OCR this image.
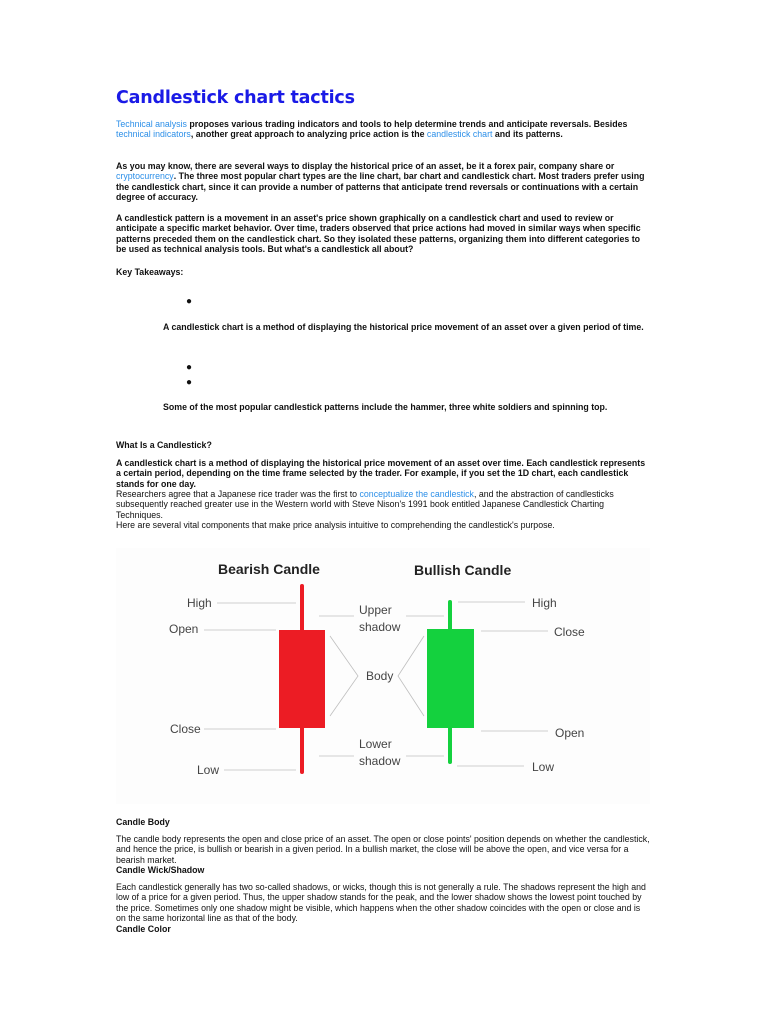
Candlestick chart tactics

Technical analysis proposes various trading indicators and tools to help determine trends and anticipate reversals. Besides technical indicators, another great approach to analyzing price action is the candlestick chart and its patterns.

As you may know, there are several ways to display the historical price of an asset, be it a forex pair, company share or cryptocurrency. The three most popular chart types are the line chart, bar chart and candlestick chart. Most traders prefer using the candlestick chart, since it can provide a number of patterns that anticipate trend reversals or continuations with a certain degree of accuracy.

A candlestick pattern is a movement in an asset's price shown graphically on a candlestick chart and used to review or anticipate a specific market behavior. Over time, traders observed that price actions had moved in similar ways when specific patterns preceded them on the candlestick chart. So they isolated these patterns, organizing them into different categories to be used as technical analysis tools. But what's a candlestick all about?

Key Takeaways:

●

A candlestick chart is a method of displaying the historical price movement of an asset over a given period of time.

●
●

Some of the most popular candlestick patterns include the hammer, three white soldiers and spinning top.

What Is a Candlestick?

A candlestick chart is a method of displaying the historical price movement of an asset over time. Each candlestick represents a certain period, depending on the time frame selected by the trader. For example, if you set the 1D chart, each candlestick stands for one day.

Researchers agree that a Japanese rice trader was the first to conceptualize the candlestick, and the abstraction of candlesticks subsequently reached greater use in the Western world with Steve Nison's 1991 book entitled Japanese Candlestick Charting Techniques.

Here are several vital components that make price analysis intuitive to comprehending the candlestick's purpose.

Bearish Candle	Bullish Candle
High
Open
Close
Low
Upper
shadow
Body
Lower
shadow
High
Close
Open
Low

Candle Body

The candle body represents the open and close price of an asset. The open or close points' position depends on whether the candlestick, and hence the price, is bullish or bearish in a given period. In a bullish market, the close will be above the open, and vice versa for a bearish market.

Candle Wick/Shadow

Each candlestick generally has two so-called shadows, or wicks, though this is not generally a rule. The shadows represent the high and low of a price for a given period. Thus, the upper shadow stands for the peak, and the lower shadow shows the lowest point touched by the price. Sometimes only one shadow might be visible, which happens when the other shadow coincides with the open or close and is on the same horizontal line as that of the body.

Candle Color
